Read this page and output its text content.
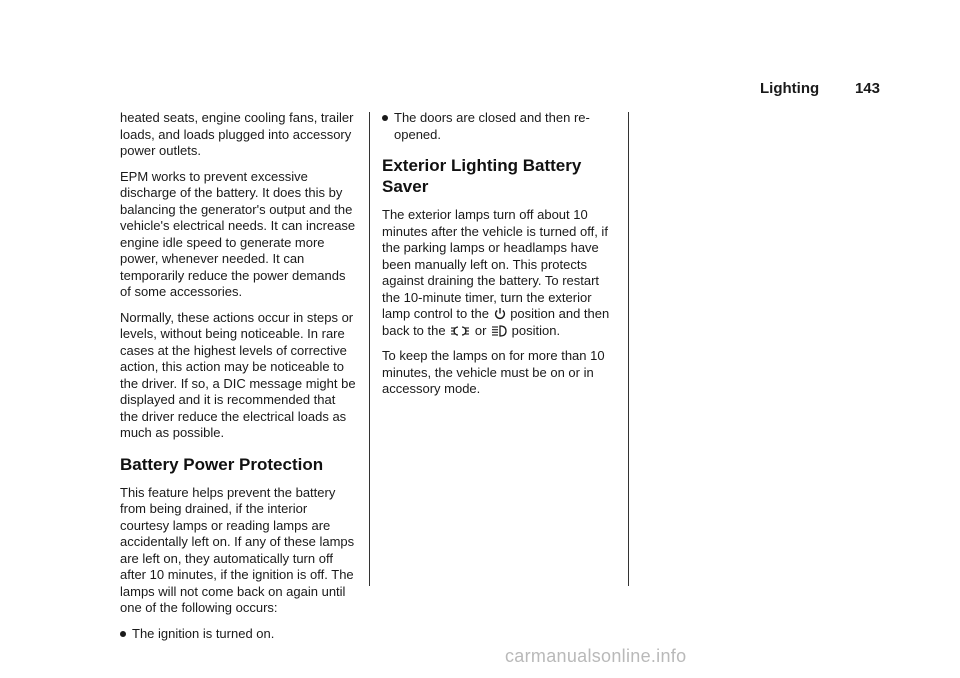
Lighting 143

heated seats, engine cooling fans, trailer loads, and loads plugged into accessory power outlets.

EPM works to prevent excessive discharge of the battery. It does this by balancing the generator's output and the vehicle's electrical needs. It can increase engine idle speed to generate more power, whenever needed. It can temporarily reduce the power demands of some accessories.

Normally, these actions occur in steps or levels, without being noticeable. In rare cases at the highest levels of corrective action, this action may be noticeable to the driver. If so, a DIC message might be displayed and it is recommended that the driver reduce the electrical loads as much as possible.

Battery Power Protection

This feature helps prevent the battery from being drained, if the interior courtesy lamps or reading lamps are accidentally left on. If any of these lamps are left on, they automatically turn off after 10 minutes, if the ignition is off. The lamps will not come back on again until one of the following occurs:

The ignition is turned on.
The doors are closed and then re-opened.
Exterior Lighting Battery Saver

The exterior lamps turn off about 10 minutes after the vehicle is turned off, if the parking lamps or headlamps have been manually left on. This protects against draining the battery. To restart the 10-minute timer, turn the exterior lamp control to the position and then back to the or position.

To keep the lamps on for more than 10 minutes, the vehicle must be on or in accessory mode.

carmanualsonline.info
